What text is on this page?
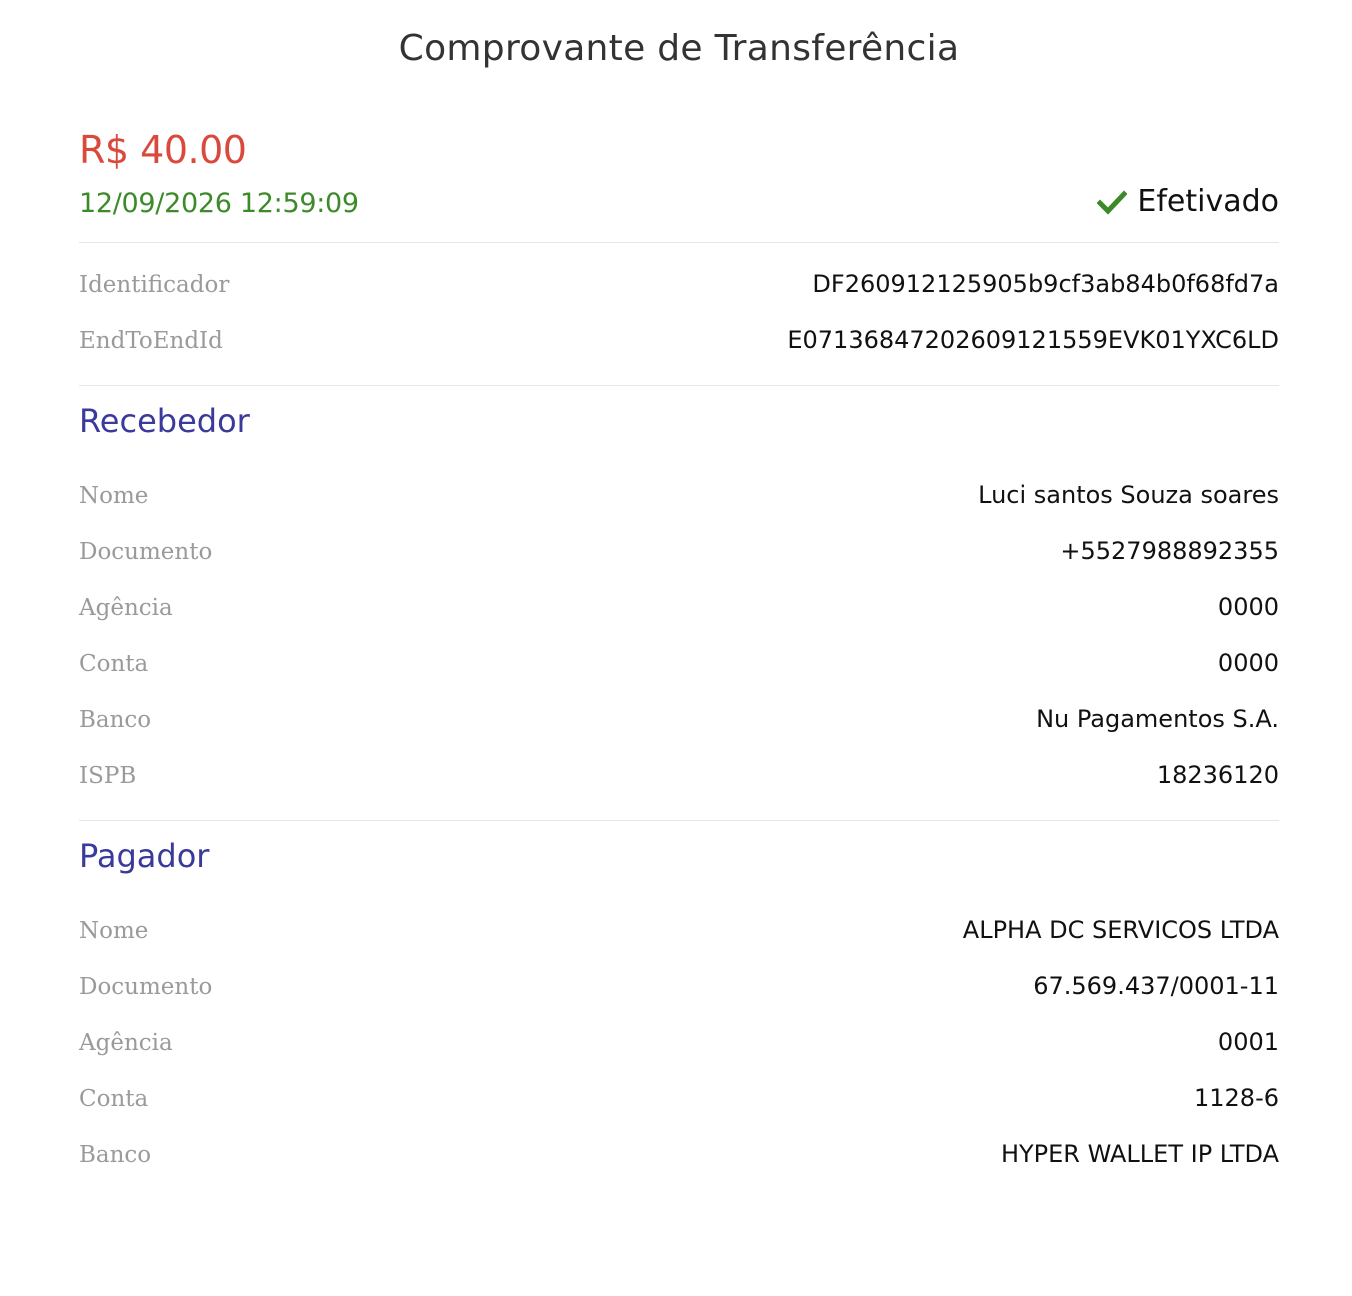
Comprovante de Transferência
R$ 40.00
12/09/2026 12:59:09	Efetivado
Identificador	DF260912125905b9cf3ab84b0f68fd7a
EndToEndId	E07136847202609121559EVK01YXC6LD
Recebedor
Nome	Luci santos Souza soares
Documento	+5527988892355
Agência	0000
Conta	0000
Banco	Nu Pagamentos S.A.
ISPB	18236120
Pagador
Nome	ALPHA DC SERVICOS LTDA
Documento	67.569.437/0001-11
Agência	0001
Conta	1128-6
Banco	HYPER WALLET IP LTDA
